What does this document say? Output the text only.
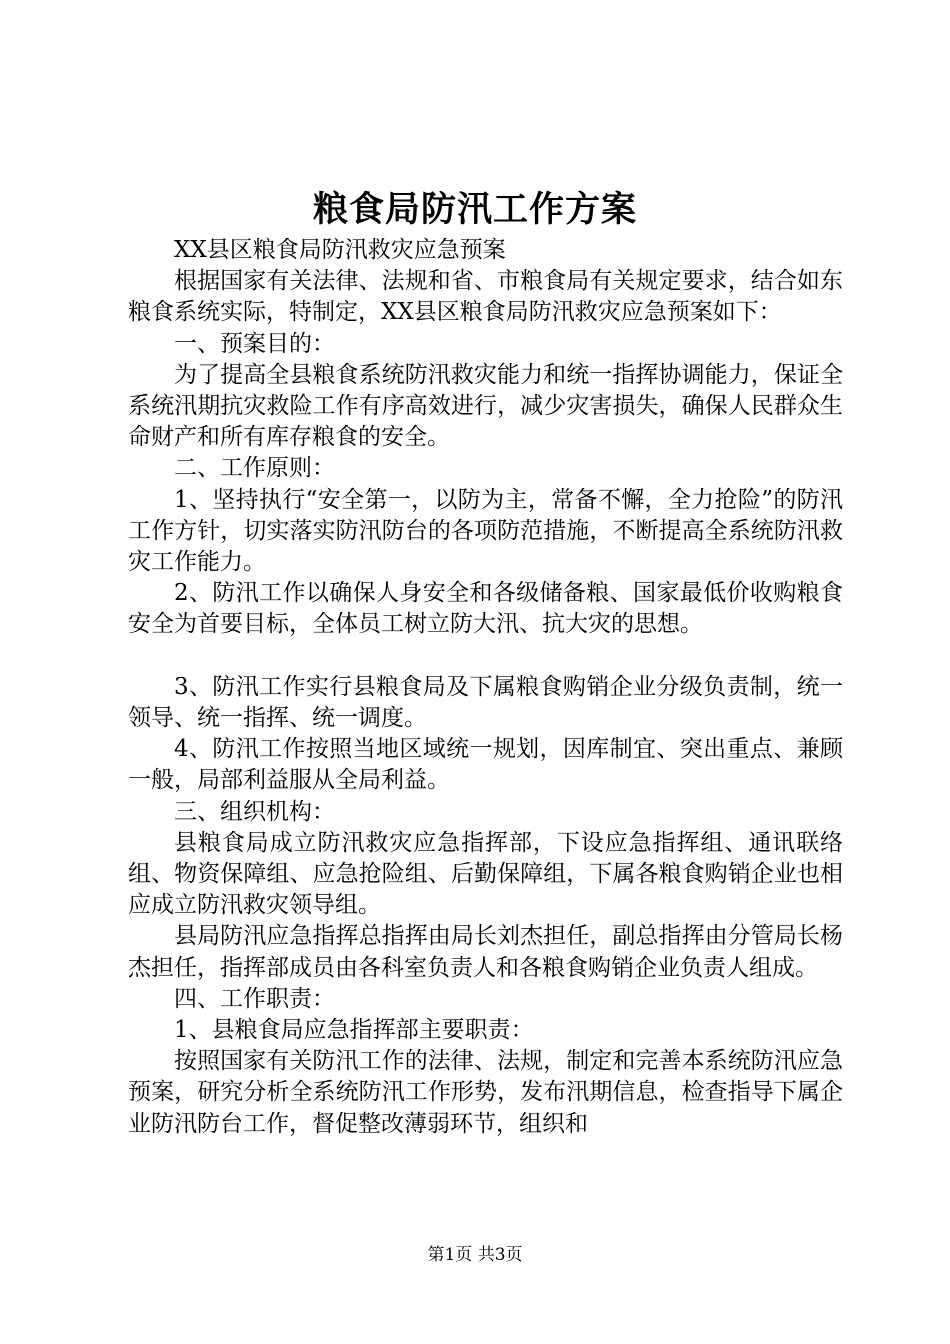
粮食局防汛工作方案

XX县区粮食局防汛救灾应急预案

根据国家有关法律、法规和省、市粮食局有关规定要求，结合如东粮食系统实际，特制定，XX县区粮食局防汛救灾应急预案如下：

一、预案目的：

为了提高全县粮食系统防汛救灾能力和统一指挥协调能力，保证全系统汛期抗灾救险工作有序高效进行，减少灾害损失，确保人民群众生命财产和所有库存粮食的安全。

二、工作原则：

1、坚持执行“安全第一，以防为主，常备不懈，全力抢险”的防汛工作方针，切实落实防汛防台的各项防范措施，不断提高全系统防汛救灾工作能力。

2、防汛工作以确保人身安全和各级储备粮、国家最低价收购粮食安全为首要目标，全体员工树立防大汛、抗大灾的思想。

3、防汛工作实行县粮食局及下属粮食购销企业分级负责制，统一领导、统一指挥、统一调度。

4、防汛工作按照当地区域统一规划，因库制宜、突出重点、兼顾一般，局部利益服从全局利益。

三、组织机构：

县粮食局成立防汛救灾应急指挥部，下设应急指挥组、通讯联络组、物资保障组、应急抢险组、后勤保障组，下属各粮食购销企业也相应成立防汛救灾领导组。

县局防汛应急指挥总指挥由局长刘杰担任，副总指挥由分管局长杨杰担任，指挥部成员由各科室负责人和各粮食购销企业负责人组成。

四、工作职责：

1、县粮食局应急指挥部主要职责：

按照国家有关防汛工作的法律、法规，制定和完善本系统防汛应急预案，研究分析全系统防汛工作形势，发布汛期信息，检查指导下属企业防汛防台工作，督促整改薄弱环节，组织和

第1页 共3页
